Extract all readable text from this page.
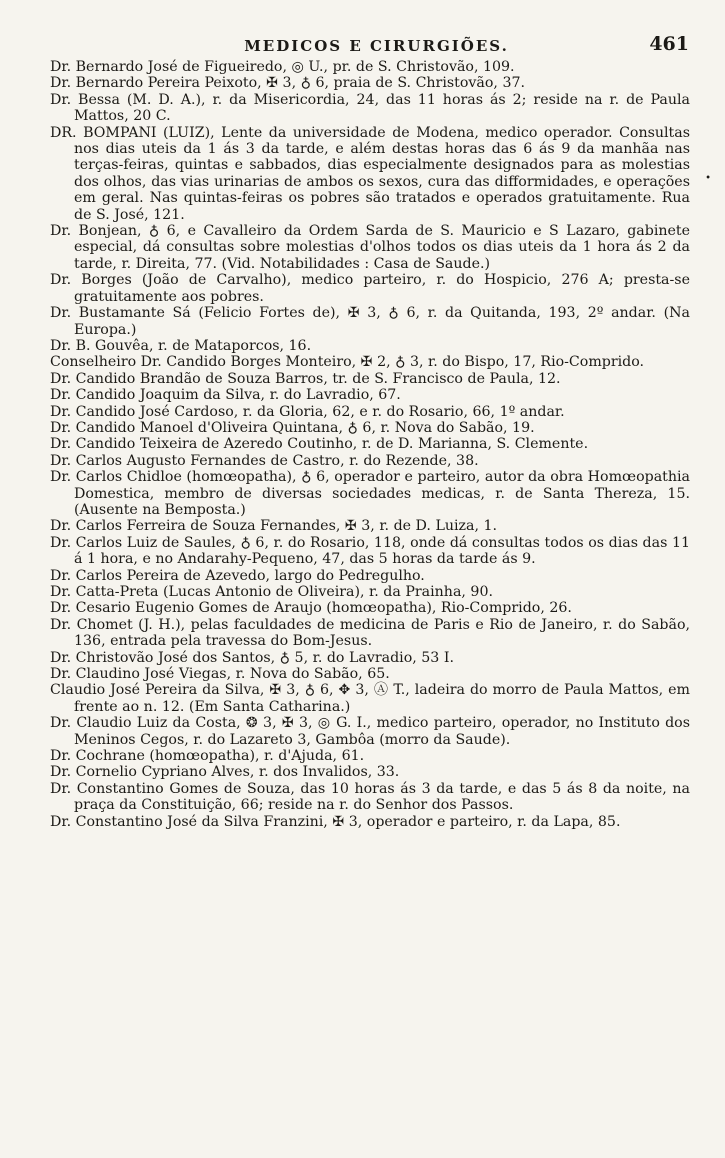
MEDICOS E CIRURGIÕES.	461
•

Dr. Bernardo José de Figueiredo, ◎ U., pr. de S. Christovão, 109.

Dr. Bernardo Pereira Peixoto, ✠ 3, ♁ 6, praia de S. Christovão, 37.

Dr. Bessa (M. D. A.), r. da Misericordia, 24, das 11 horas ás 2; reside na r. de Paula Mattos, 20 C.

DR. BOMPANI (LUIZ), Lente da universidade de Modena, medico operador. Consultas nos dias uteis da 1 ás 3 da tarde, e além destas horas das 6 ás 9 da manhãa nas terças-feiras, quintas e sabbados, dias especialmente designados para as molestias dos olhos, das vias urinarias de ambos os sexos, cura das difformidades, e operações em geral. Nas quintas-feiras os pobres são tratados e operados gratuitamente. Rua de S. José, 121.

Dr. Bonjean, ♁ 6, e Cavalleiro da Ordem Sarda de S. Mauricio e S Lazaro, gabinete especial, dá consultas sobre molestias d'olhos todos os dias uteis da 1 hora ás 2 da tarde, r. Direita, 77. (Vid. Notabilidades : Casa de Saude.)

Dr. Borges (João de Carvalho), medico parteiro, r. do Hospicio, 276 A; presta-se gratuitamente aos pobres.

Dr. Bustamante Sá (Felicio Fortes de), ✠ 3, ♁ 6, r. da Quitanda, 193, 2º andar. (Na Europa.)

Dr. B. Gouvêa, r. de Mataporcos, 16.

Conselheiro Dr. Candido Borges Monteiro, ✠ 2, ♁ 3, r. do Bispo, 17, Rio-Comprido.

Dr. Candido Brandão de Souza Barros, tr. de S. Francisco de Paula, 12.

Dr. Candido Joaquim da Silva, r. do Lavradio, 67.

Dr. Candido José Cardoso, r. da Gloria, 62, e r. do Rosario, 66, 1º andar.

Dr. Candido Manoel d'Oliveira Quintana, ♁ 6, r. Nova do Sabão, 19.

Dr. Candido Teixeira de Azeredo Coutinho, r. de D. Marianna, S. Clemente.

Dr. Carlos Augusto Fernandes de Castro, r. do Rezende, 38.

Dr. Carlos Chidloe (homœopatha), ♁ 6, operador e parteiro, autor da obra Homœopathia Domestica, membro de diversas sociedades medicas, r. de Santa Thereza, 15. (Ausente na Bemposta.)

Dr. Carlos Ferreira de Souza Fernandes, ✠ 3, r. de D. Luiza, 1.

Dr. Carlos Luiz de Saules, ♁ 6, r. do Rosario, 118, onde dá consultas todos os dias das 11 á 1 hora, e no Andarahy-Pequeno, 47, das 5 horas da tarde ás 9.

Dr. Carlos Pereira de Azevedo, largo do Pedregulho.

Dr. Catta-Preta (Lucas Antonio de Oliveira), r. da Prainha, 90.

Dr. Cesario Eugenio Gomes de Araujo (homœopatha), Rio-Comprido, 26.

Dr. Chomet (J. H.), pelas faculdades de medicina de Paris e Rio de Janeiro, r. do Sabão, 136, entrada pela travessa do Bom-Jesus.

Dr. Christovão José dos Santos, ♁ 5, r. do Lavradio, 53 I.

Dr. Claudino José Viegas, r. Nova do Sabão, 65.

Claudio José Pereira da Silva, ✠ 3, ♁ 6, ✥ 3, Ⓐ T., ladeira do morro de Paula Mattos, em frente ao n. 12. (Em Santa Catharina.)

Dr. Claudio Luiz da Costa, ❂ 3, ✠ 3, ◎ G. I., medico parteiro, operador, no Instituto dos Meninos Cegos, r. do Lazareto 3, Gambôa (morro da Saude).

Dr. Cochrane (homœopatha), r. d'Ajuda, 61.

Dr. Cornelio Cypriano Alves, r. dos Invalidos, 33.

Dr. Constantino Gomes de Souza, das 10 horas ás 3 da tarde, e das 5 ás 8 da noite, na praça da Constituição, 66; reside na r. do Senhor dos Passos.

Dr. Constantino José da Silva Franzini, ✠ 3, operador e parteiro, r. da Lapa, 85.
